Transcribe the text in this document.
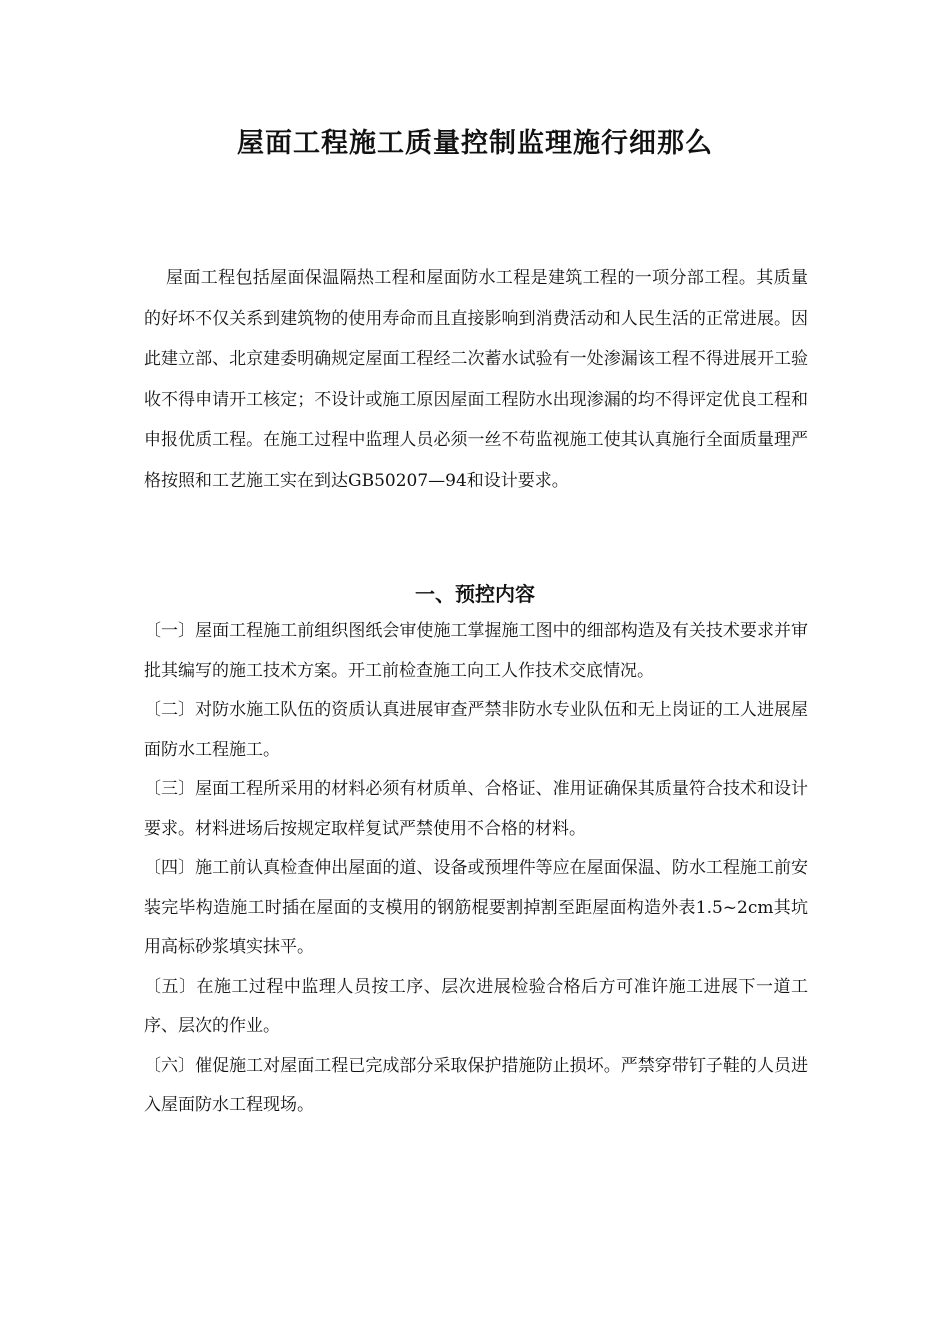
屋面工程施工质量控制监理施行细那么

屋面工程包括屋面保温隔热工程和屋面防水工程是建筑工程的一项分部工程。其质量的好坏不仅关系到建筑物的使用寿命而且直接影响到消费活动和人民生活的正常进展。因此建立部、北京建委明确规定屋面工程经二次蓄水试验有一处渗漏该工程不得进展开工验收不得申请开工核定；不设计或施工原因屋面工程防水出现渗漏的均不得评定优良工程和申报优质工程。在施工过程中监理人员必须一丝不苟监视施工使其认真施行全面质量理严格按照和工艺施工实在到达GB50207—94和设计要求。

一、预控内容
〔一〕屋面工程施工前组织图纸会审使施工掌握施工图中的细部构造及有关技术要求并审批其编写的施工技术方案。开工前检查施工向工人作技术交底情况。
〔二〕对防水施工队伍的资质认真进展审查严禁非防水专业队伍和无上岗证的工人进展屋面防水工程施工。
〔三〕屋面工程所采用的材料必须有材质单、合格证、准用证确保其质量符合技术和设计要求。材料进场后按规定取样复试严禁使用不合格的材料。
〔四〕施工前认真检查伸出屋面的道、设备或预埋件等应在屋面保温、防水工程施工前安装完毕构造施工时插在屋面的支模用的钢筋棍要割掉割至距屋面构造外表1.5~2cm其坑用高标砂浆填实抹平。
〔五〕在施工过程中监理人员按工序、层次进展检验合格后方可准许施工进展下一道工序、层次的作业。
〔六〕催促施工对屋面工程已完成部分采取保护措施防止损坏。严禁穿带钉子鞋的人员进入屋面防水工程现场。
